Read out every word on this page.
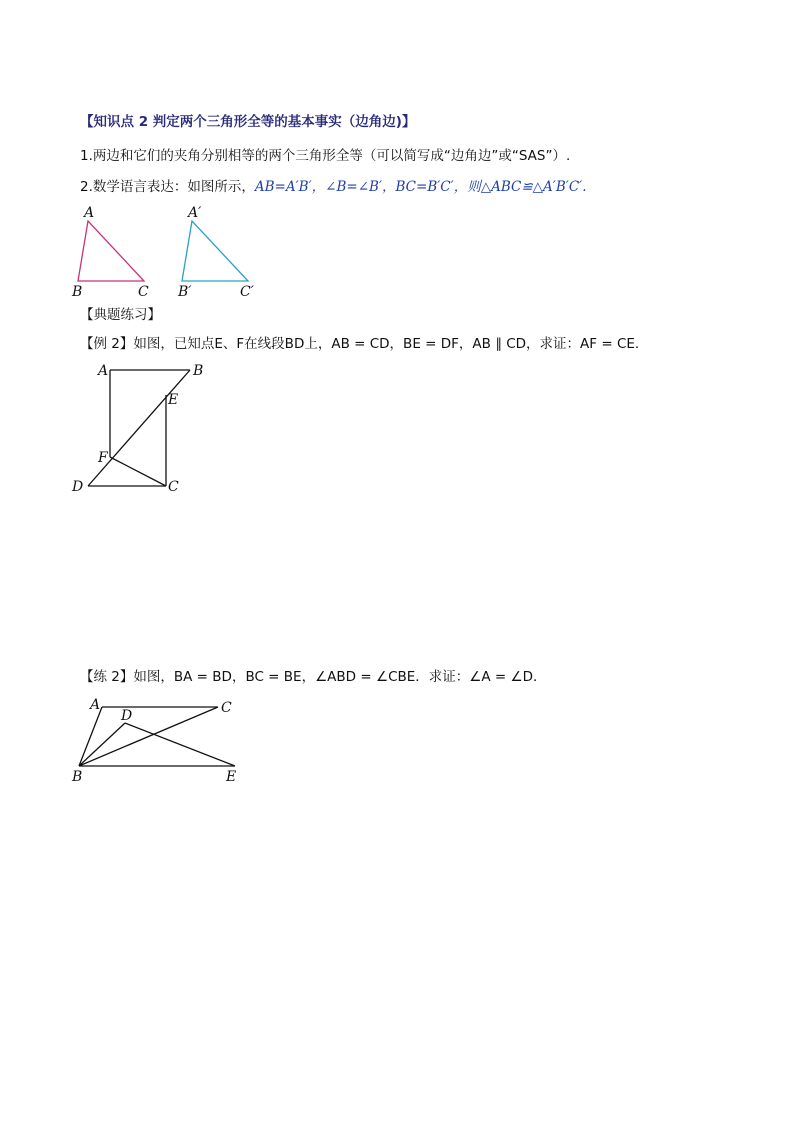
【知识点 2 判定两个三角形全等的基本事实（边角边)】
1.两边和它们的夹角分别相等的两个三角形全等（可以简写成“边角边”或“SAS”）.
2.数学语言表达：如图所示，AB=A′B′，∠B=∠B′，BC=B′C′，则△ABC≌△A′B′C′.
A
B	C
A′
B′	C′
【典题练习】
【例 2】如图，已知点E、F在线段BD上，AB = CD，BE = DF，AB ∥ CD，求证：AF = CE.
A	B
E
F
D	C
【练 2】如图，BA = BD，BC = BE，∠ABD = ∠CBE．求证：∠A = ∠D．
A
D	C
B	E
